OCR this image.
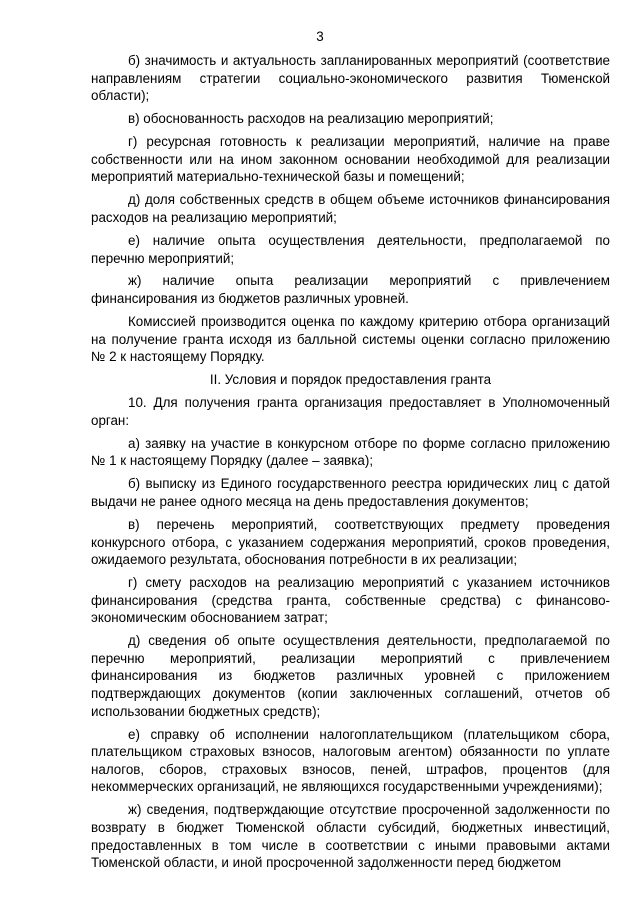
3

б) значимость и актуальность запланированных мероприятий (соответствие направлениям стратегии социально-экономического развития Тюменской области);

в) обоснованность расходов на реализацию мероприятий;

г) ресурсная готовность к реализации мероприятий, наличие на праве собственности или на ином законном основании необходимой для реализации мероприятий материально-технической базы и помещений;

д) доля собственных средств в общем объеме источников финансирования расходов на реализацию мероприятий;

е) наличие опыта осуществления деятельности, предполагаемой по перечню мероприятий;

ж) наличие опыта реализации мероприятий с привлечением финансирования из бюджетов различных уровней.

Комиссией производится оценка по каждому критерию отбора организаций на получение гранта исходя из балльной системы оценки согласно приложению № 2 к настоящему Порядку.

II. Условия и порядок предоставления гранта

10. Для получения гранта организация предоставляет в Уполномоченный орган:

а) заявку на участие в конкурсном отборе по форме согласно приложению № 1 к настоящему Порядку (далее – заявка);

б) выписку из Единого государственного реестра юридических лиц с датой выдачи не ранее одного месяца на день предоставления документов;

в) перечень мероприятий, соответствующих предмету проведения конкурсного отбора, с указанием содержания мероприятий, сроков проведения, ожидаемого результата, обоснования потребности в их реализации;

г) смету расходов на реализацию мероприятий с указанием источников финансирования (средства гранта, собственные средства) с финансово-экономическим обоснованием затрат;

д) сведения об опыте осуществления деятельности, предполагаемой по перечню мероприятий, реализации мероприятий с привлечением финансирования из бюджетов различных уровней с приложением подтверждающих документов (копии заключенных соглашений, отчетов об использовании бюджетных средств);

е) справку об исполнении налогоплательщиком (плательщиком сбора, плательщиком страховых взносов, налоговым агентом) обязанности по уплате налогов, сборов, страховых взносов, пеней, штрафов, процентов (для некоммерческих организаций, не являющихся государственными учреждениями);

ж) сведения, подтверждающие отсутствие просроченной задолженности по возврату в бюджет Тюменской области субсидий, бюджетных инвестиций, предоставленных в том числе в соответствии с иными правовыми актами Тюменской области, и иной просроченной задолженности перед бюджетом
